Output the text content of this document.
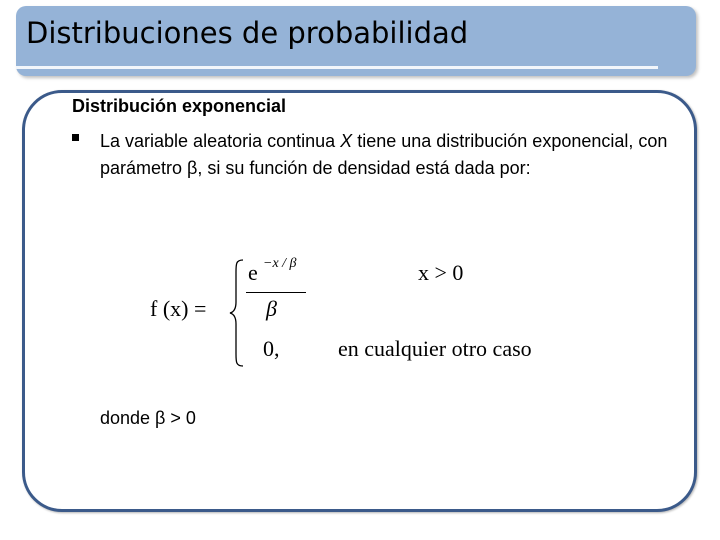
Distribuciones de probabilidad
Distribución exponencial
La variable aleatoria continua X tiene una distribución exponencial, con parámetro β, si su función de densidad está dada por:
f (x) =
e −x / β
β
x > 0
0,	en cualquier otro caso
donde β > 0
